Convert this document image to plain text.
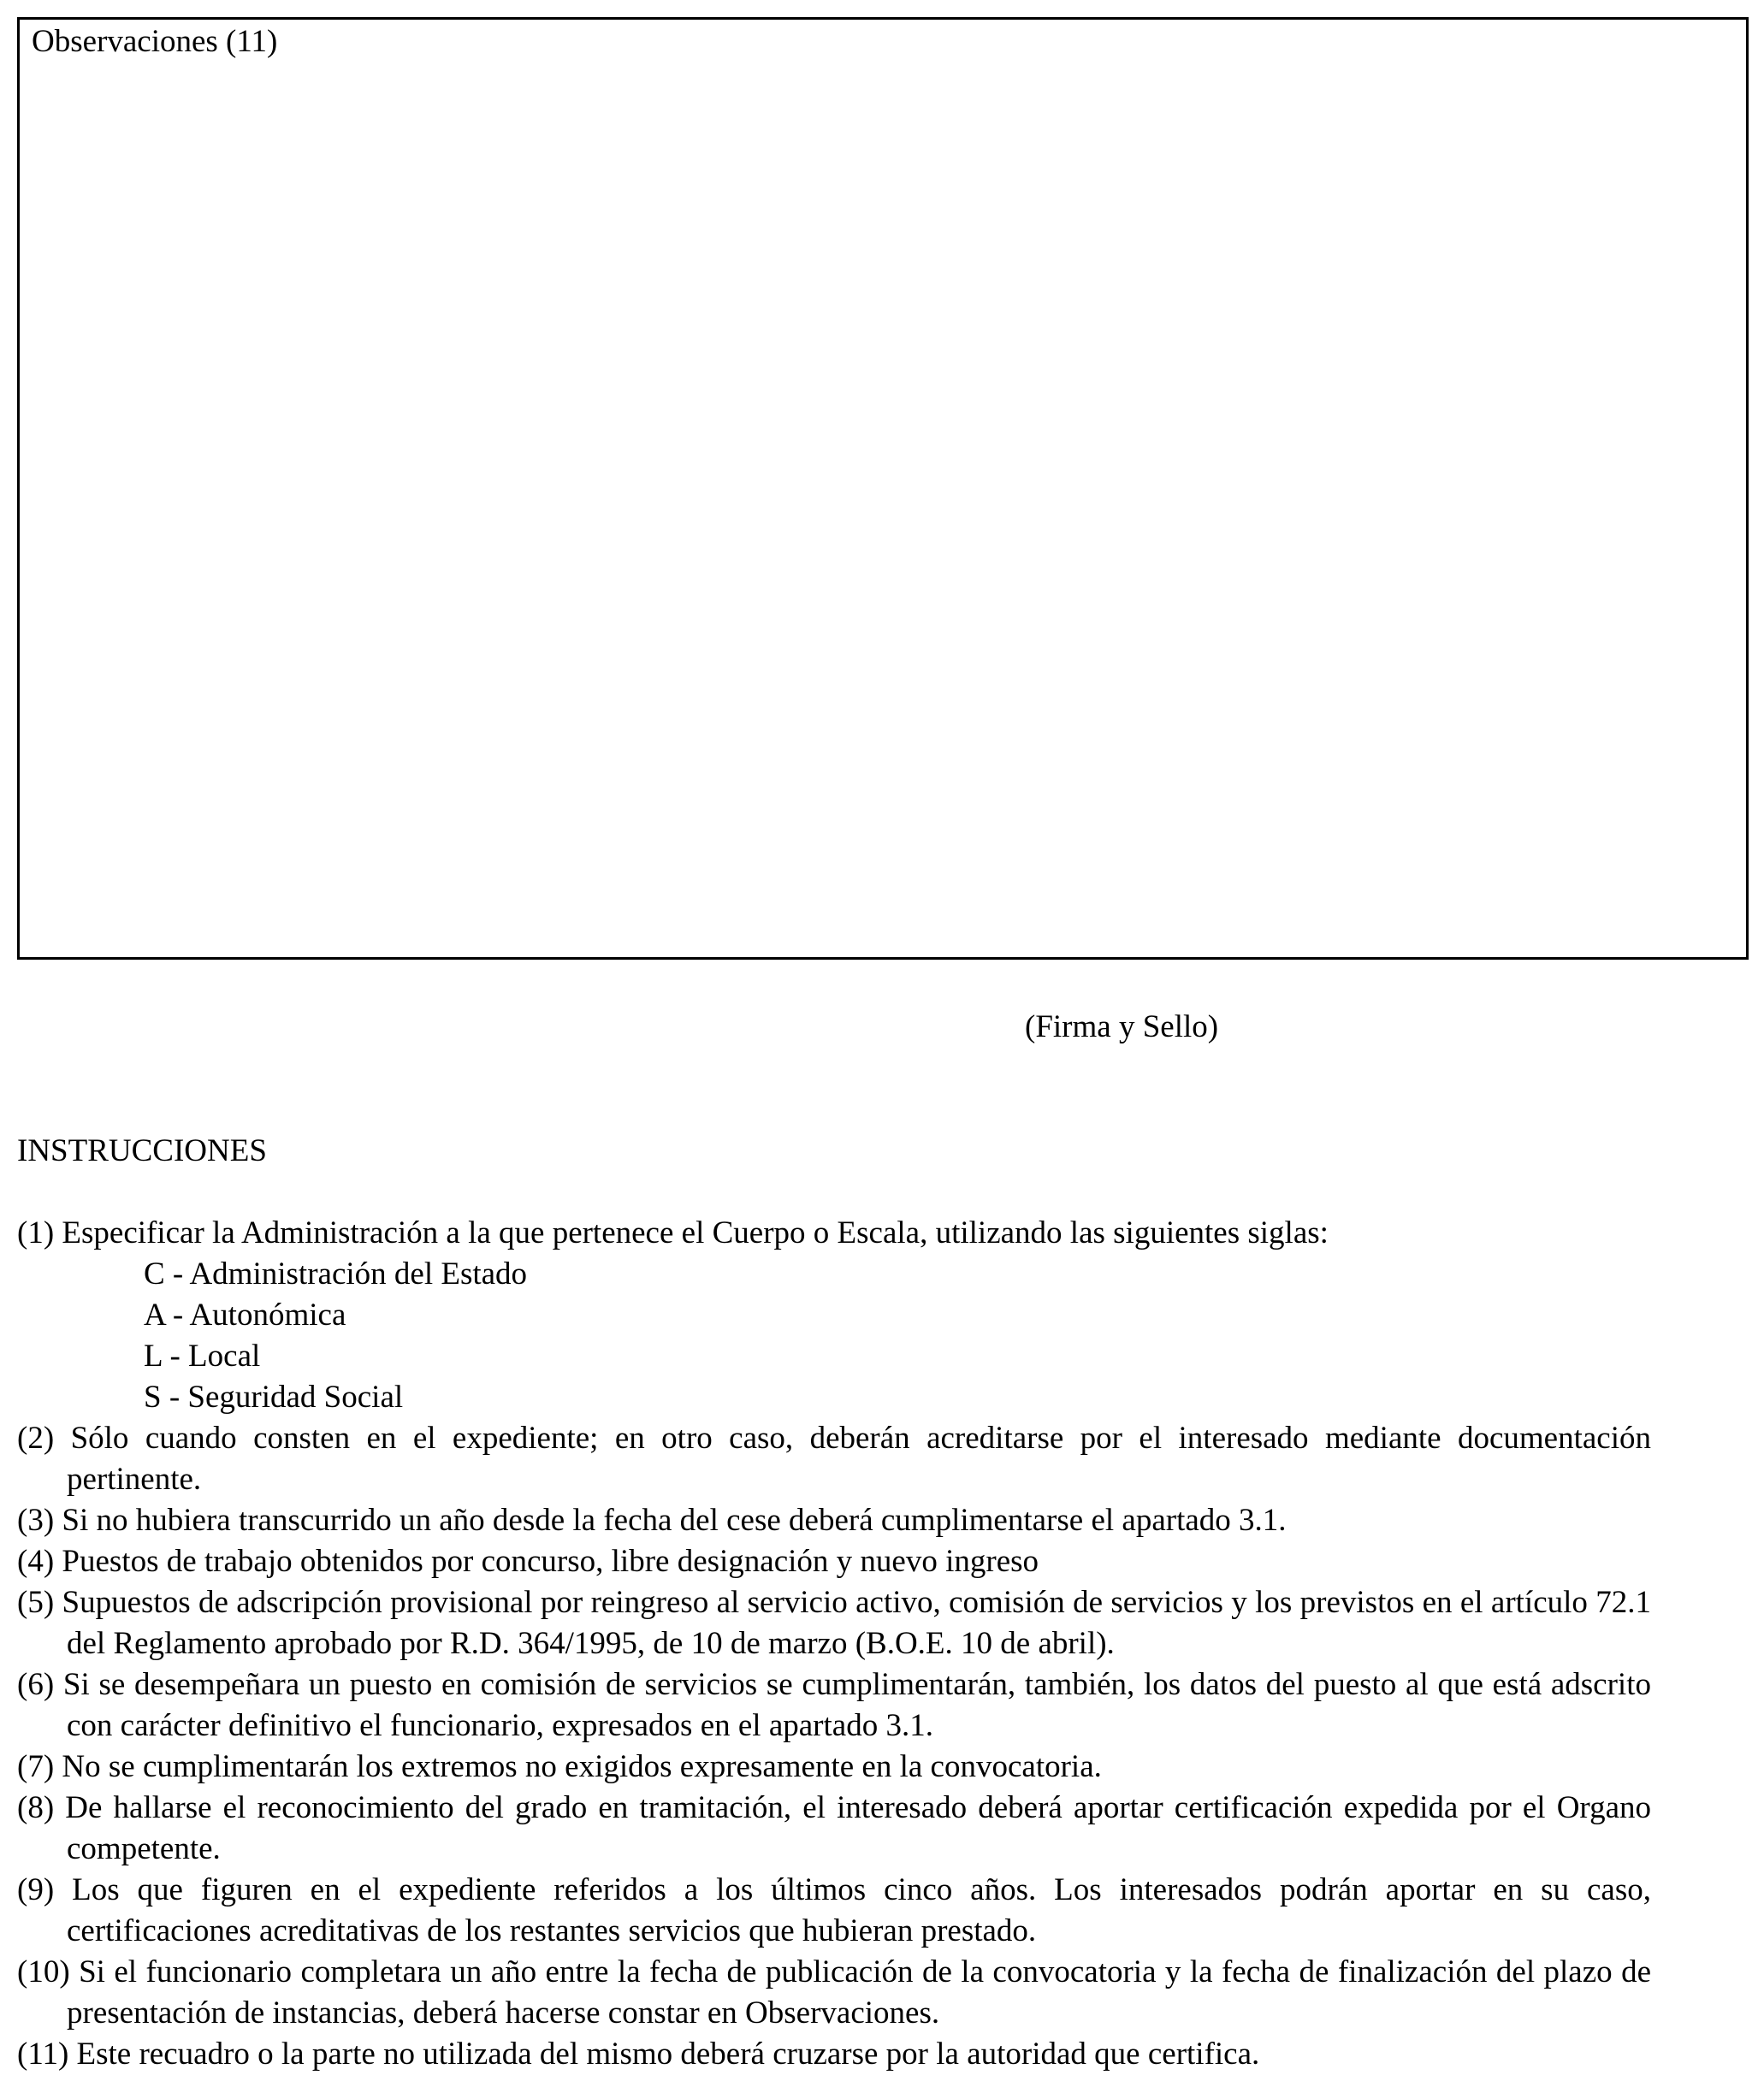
Observaciones (11)
(Firma y Sello)
INSTRUCCIONES

(1) Especificar la Administración a la que pertenece el Cuerpo o Escala, utilizando las siguientes siglas:

C - Administración del Estado

A - Autonómica

L - Local

S - Seguridad Social

(2) Sólo cuando consten en el expediente; en otro caso, deberán acreditarse por el interesado mediante documentación pertinente.

(3) Si no hubiera transcurrido un año desde la fecha del cese deberá cumplimentarse el apartado 3.1.

(4) Puestos de trabajo obtenidos por concurso, libre designación y nuevo ingreso

(5) Supuestos de adscripción provisional por reingreso al servicio activo, comisión de servicios y los previstos en el artículo 72.1 del Reglamento aprobado por R.D. 364/1995, de 10 de marzo (B.O.E. 10 de abril).

(6) Si se desempeñara un puesto en comisión de servicios se cumplimentarán, también, los datos del puesto al que está adscrito con carácter definitivo el funcionario, expresados en el apartado 3.1.

(7) No se cumplimentarán los extremos no exigidos expresamente en la convocatoria.

(8) De hallarse el reconocimiento del grado en tramitación, el interesado deberá aportar certificación expedida por el Organo competente.

(9) Los que figuren en el expediente referidos a los últimos cinco años. Los interesados podrán aportar en su caso, certificaciones acreditativas de los restantes servicios que hubieran prestado.

(10) Si el funcionario completara un año entre la fecha de publicación de la convocatoria y la fecha de finalización del plazo de presentación de instancias, deberá hacerse constar en Observaciones.

(11) Este recuadro o la parte no utilizada del mismo deberá cruzarse por la autoridad que certifica.
